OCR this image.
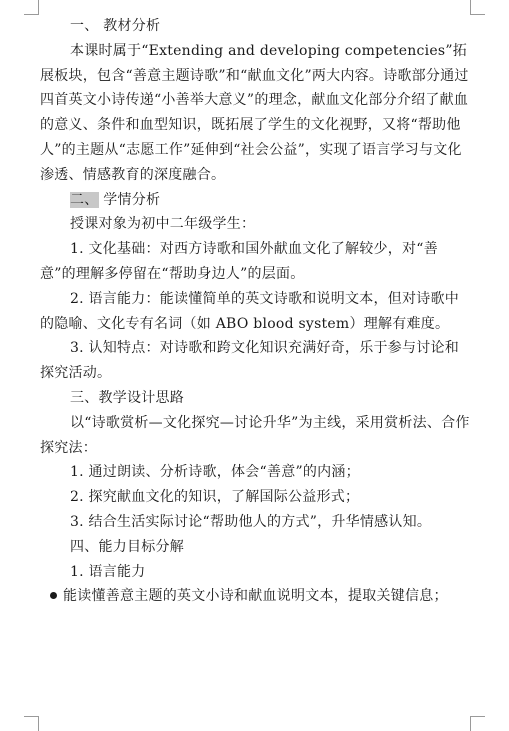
一、 教材分析

本课时属于“Extending and developing competencies”拓展板块，包含“善意主题诗歌”和“献血文化”两大内容。诗歌部分通过四首英文小诗传递“小善举大意义”的理念，献血文化部分介绍了献血的意义、条件和血型知识，既拓展了学生的文化视野，又将“帮助他人”的主题从“志愿工作”延伸到“社会公益”，实现了语言学习与文化渗透、情感教育的深度融合。

二、 学情分析

授课对象为初中二年级学生：

1. 文化基础：对西方诗歌和国外献血文化了解较少，对“善意”的理解多停留在“帮助身边人”的层面。

2. 语言能力：能读懂简单的英文诗歌和说明文本，但对诗歌中的隐喻、文化专有名词（如 ABO blood system）理解有难度。

3. 认知特点：对诗歌和跨文化知识充满好奇，乐于参与讨论和探究活动。

三、教学设计思路

以“诗歌赏析—文化探究—讨论升华”为主线，采用赏析法、合作探究法：

1. 通过朗读、分析诗歌，体会“善意”的内涵；

2. 探究献血文化的知识，了解国际公益形式；

3. 结合生活实际讨论“帮助他人的方式”，升华情感认知。

四、能力目标分解

1. 语言能力

能读懂善意主题的英文小诗和献血说明文本，提取关键信息；
